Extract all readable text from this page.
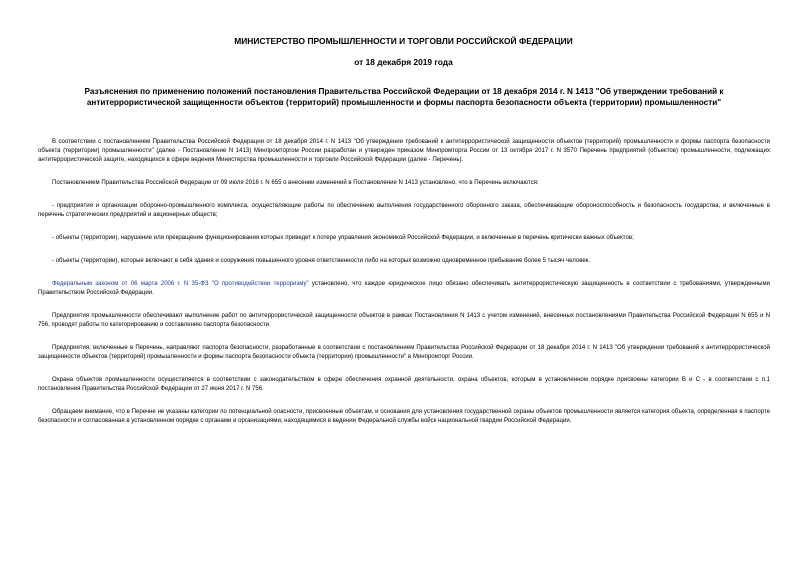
МИНИСТЕРСТВО ПРОМЫШЛЕННОСТИ И ТОРГОВЛИ РОССИЙСКОЙ ФЕДЕРАЦИИ
от 18 декабря 2019 года
Разъяснения по применению положений постановления Правительства Российской Федерации от 18 декабря 2014 г. N 1413 "Об утверждении требований к антитеррористической защищенности объектов (территорий) промышленности и формы паспорта безопасности объекта (территории) промышленности"

В соответствии с постановлением Правительства Российской Федерации от 18 декабря 2014 г. N 1413 "Об утверждении требований к антитеррористической защищенности объектов (территорий) промышленности и формы паспорта безопасности объекта (территории) промышленности" (далее - Постановление N 1413) Минпромторгом России разработан и утвержден приказом Минпромторга России от 13 октября 2017 г. N 3570 Перечень предприятий (объектов) промышленности, подлежащих антитеррористической защите, находящихся в сфере ведения Министерства промышленности и торговли Российской Федерации (далее - Перечень).

Постановлением Правительства Российской Федерации от 09 июля 2016 г. N 655 о внесении изменений в Постановление N 1413 установлено, что в Перечень включаются:

- предприятия и организации оборонно-промышленного комплекса, осуществляющие работы по обеспечению выполнения государственного оборонного заказа, обеспечивающие обороноспособность и безопасность государства, и включенные в перечень стратегических предприятий и акционерных обществ;

- объекты (территории), нарушение или прекращение функционирования которых приведет к потере управления экономикой Российской Федерации, и включенные в перечень критически важных объектов;

- объекты (территории), которые включают в себя здания и сооружения повышенного уровня ответственности либо на которых возможно одновременное пребывание более 5 тысяч человек.

Федеральным законом от 06 марта 2006 г. N 35-ФЗ "О противодействии терроризму" установлено, что каждое юридическое лицо обязано обеспечивать антитеррористическую защищенность в соответствии с требованиями, утвержденными Правительством Российской Федерации.

Предприятия промышленности обеспечивают выполнение работ по антитеррористической защищенности объектов в рамках Постановления N 1413 с учетом изменений, внесенных постановлениями Правительства Российской Федерации N 655 и N 756, проводят работы по категорированию и составлению паспорта безопасности.

Предприятия, включенные в Перечень, направляют паспорта безопасности, разработанные в соответствии с постановлением Правительства Российской Федерации от 18 декабря 2014 г. N 1413 "Об утверждении требований к антитеррористической защищенности объектов (территорий) промышленности и формы паспорта безопасности объекта (территории) промышленности" в Минпромторг России.

Охрана объектов промышленности осуществляется в соответствии с законодательством в сфере обеспечения охранной деятельности, охрана объектов, которым в установленном порядке присвоены категории В и С - в соответствии с п.1 постановления Правительства Российской Федерации от 27 июня 2017 г. N 756.

Обращаем внимание, что в Перечне не указаны категории по потенциальной опасности, присвоенные объектам, и основания для установления государственной охраны объектов промышленности является категория объекта, определенная в паспорте безопасности и согласованная в установленном порядке с органами и организациями, находящимися в ведении Федеральной службы войск национальной гвардии Российской Федерации.
